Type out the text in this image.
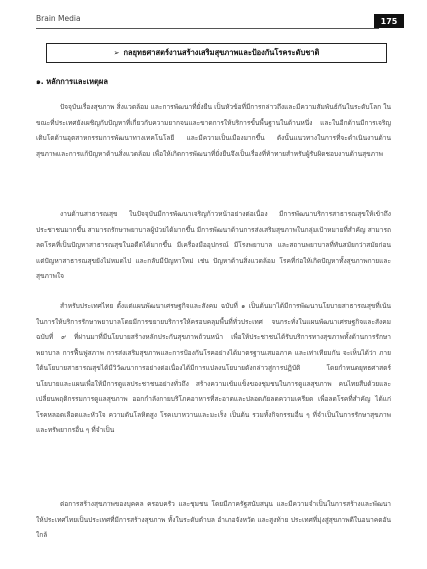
Brain Media	175
➢ กลยุทธศาสตร์งานสร้างเสริมสุขภาพและป้องกันโรคระดับชาติ
๑. หลักการและเหตุผล
ปัจจุบันเรื่องสุขภาพ สิ่งแวดล้อม และการพัฒนาที่ยั่งยืน เป็นหัวข้อที่มีการกล่าวถึงและมีความสัมพันธ์กันในระดับโลก ในขณะที่ประเทศยังเผชิญกับปัญหาที่เกี่ยวกับความยากจนและขาดการให้บริการขั้นพื้นฐานในด้านหนึ่ง และในอีกด้านมีการเจริญเติบโตด้านอุตสาหกรรมการพัฒนาทางเทคโนโลยี และมีความเป็นเมืองมากขึ้น ดังนั้นแนวทางในการที่จะดำเนินงานด้านสุขภาพและการแก้ปัญหาด้านสิ่งแวดล้อม เพื่อให้เกิดการพัฒนาที่ยั่งยืนจึงเป็นเรื่องที่ท้าทายสำหรับผู้รับผิดชอบงานด้านสุขภาพ
งานด้านสาธารณสุข ในปัจจุบันมีการพัฒนาเจริญก้าวหน้าอย่างต่อเนื่อง มีการพัฒนาบริการสาธารณสุขให้เข้าถึงประชาชนมากขึ้น สามารถรักษาพยาบาลผู้ป่วยได้มากขึ้น มีการพัฒนาด้านการส่งเสริมสุขภาพในกลุ่มเป้าหมายที่สำคัญ สามารถลดโรคที่เป็นปัญหาสาธารณสุขในอดีตได้มากขึ้น มีเครื่องมืออุปกรณ์ มีโรงพยาบาล และสถานพยาบาลที่ทันสมัยกว่าสมัยก่อน แต่ปัญหาสาธารณสุขยังไม่หมดไป และกลับมีปัญหาใหม่ เช่น ปัญหาด้านสิ่งแวดล้อม โรคที่ก่อให้เกิดปัญหาทั้งสุขภาพกายและสุขภาพใจ
สำหรับประเทศไทย ตั้งแต่แผนพัฒนาเศรษฐกิจและสังคม ฉบับที่ ๑ เป็นต้นมาได้มีการพัฒนานโยบายสาธารณสุขที่เน้นในการให้บริการรักษาพยาบาลโดยมีการขยายบริการให้ครอบคลุมพื้นที่ทั่วประเทศ จนกระทั่งในแผนพัฒนาเศรษฐกิจและสังคม ฉบับที่ ๙ ที่ผ่านมาที่มีนโยบายสร้างหลักประกันสุขภาพถ้วนหน้า เพื่อให้ประชาชนได้รับบริการทางสุขภาพทั้งด้านการรักษาพยาบาล การฟื้นฟูสภาพ การส่งเสริมสุขภาพและการป้องกันโรคอย่างได้มาตรฐานเสมอภาค และเท่าเทียมกัน จะเห็นได้ว่า ภายใต้นโยบายสาธารณสุขได้มีวิวัฒนาการอย่างต่อเนื่องได้มีการแปลงนโยบายดังกล่าวสู่การปฏิบัติ โดยกำหนดยุทธศาสตร์ นโยบายและแผนเพื่อให้มีการดูแลประชาชนอย่างทั่วถึง สร้างความเข้มแข็งของชุมชนในการดูแลสุขภาพ คนไทยสืบด้วยและเปลี่ยนพฤติกรรมการดูแลสุขภาพ ออกกำลังกายบริโภคอาหารที่สะอาดและปลอดภัยลดความเครียด เพื่อลดโรคที่สำคัญ ได้แก่ โรคหลอดเลือดและหัวใจ ความดันโลหิตสูง โรคเบาหวานและมะเร็ง เป็นต้น รวมทั้งกิจกรรมอื่น ๆ ที่จำเป็นในการรักษาสุขภาพและทรัพยากรอื่น ๆ ที่จำเป็น
ต่อการสร้างสุขภาพของบุคคล ครอบครัว และชุมชน โดยมีภาครัฐสนับสนุน และมีความจำเป็นในการสร้างและพัฒนาให้ประเทศไทยเป็นประเทศที่มีการสร้างสุขภาพ ทั้งในระดับตำบล อำเภอจังหวัด และสูงท้าย ประเทศที่มุ่งสู่สุขภาพดีในอนาคตอันใกล้
